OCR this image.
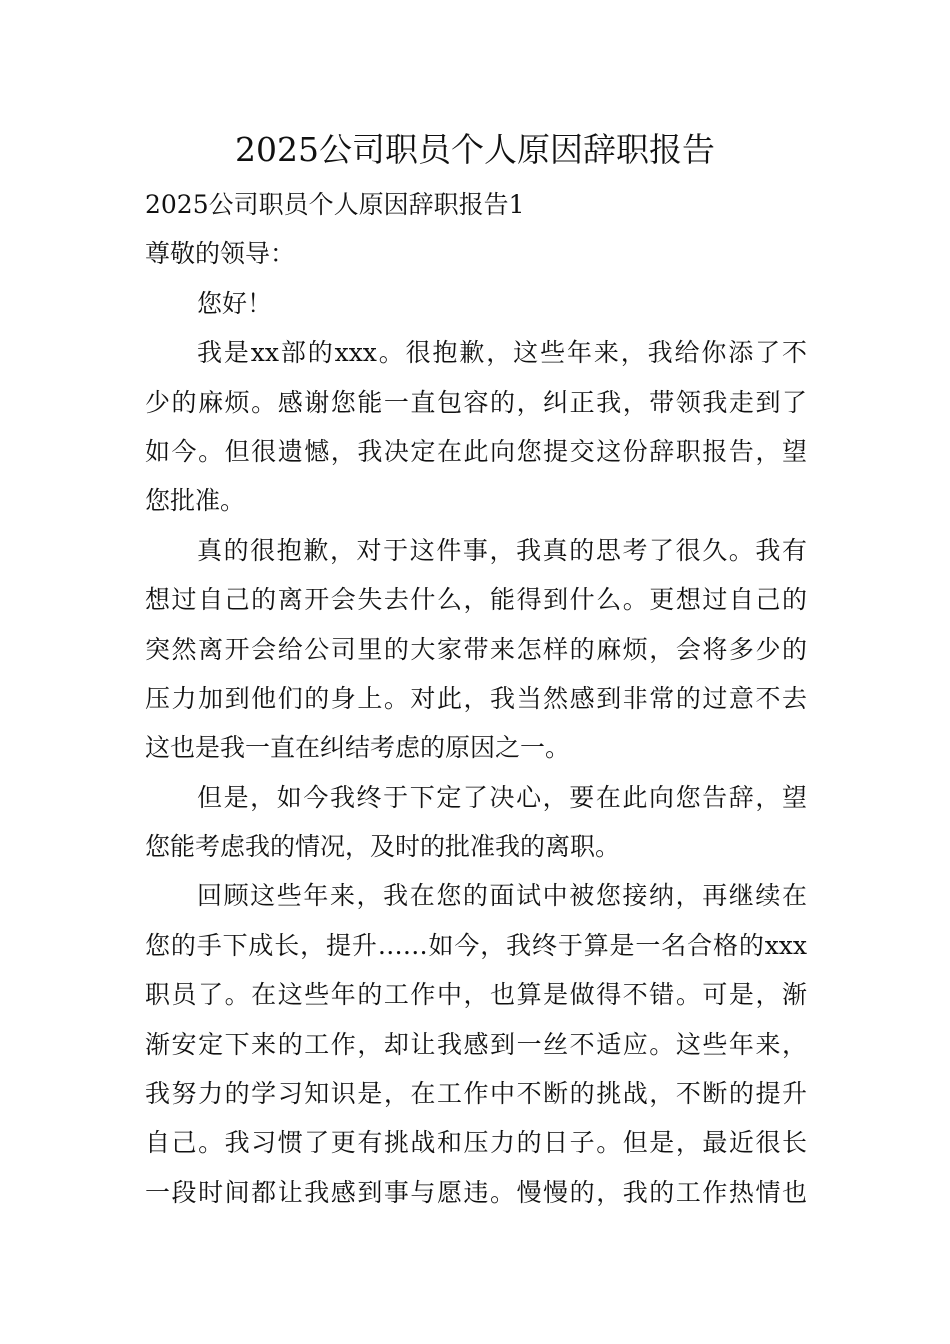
2025公司职员个人原因辞职报告

2025公司职员个人原因辞职报告1

尊敬的领导：

您好！

我是xx部的xxx。很抱歉，这些年来，我给你添了不

少的麻烦。感谢您能一直包容的，纠正我，带领我走到了

如今。但很遗憾，我决定在此向您提交这份辞职报告，望

您批准。

真的很抱歉，对于这件事，我真的思考了很久。我有

想过自己的离开会失去什么，能得到什么。更想过自己的

突然离开会给公司里的大家带来怎样的麻烦，会将多少的

压力加到他们的身上。对此，我当然感到非常的过意不去

这也是我一直在纠结考虑的原因之一。

但是，如今我终于下定了决心，要在此向您告辞，望

您能考虑我的情况，及时的批准我的离职。

回顾这些年来，我在您的面试中被您接纳，再继续在

您的手下成长，提升……如今，我终于算是一名合格的xxx

职员了。在这些年的工作中，也算是做得不错。可是，渐

渐安定下来的工作，却让我感到一丝不适应。这些年来，

我努力的学习知识是，在工作中不断的挑战，不断的提升

自己。我习惯了更有挑战和压力的日子。但是，最近很长

一段时间都让我感到事与愿违。慢慢的，我的工作热情也
